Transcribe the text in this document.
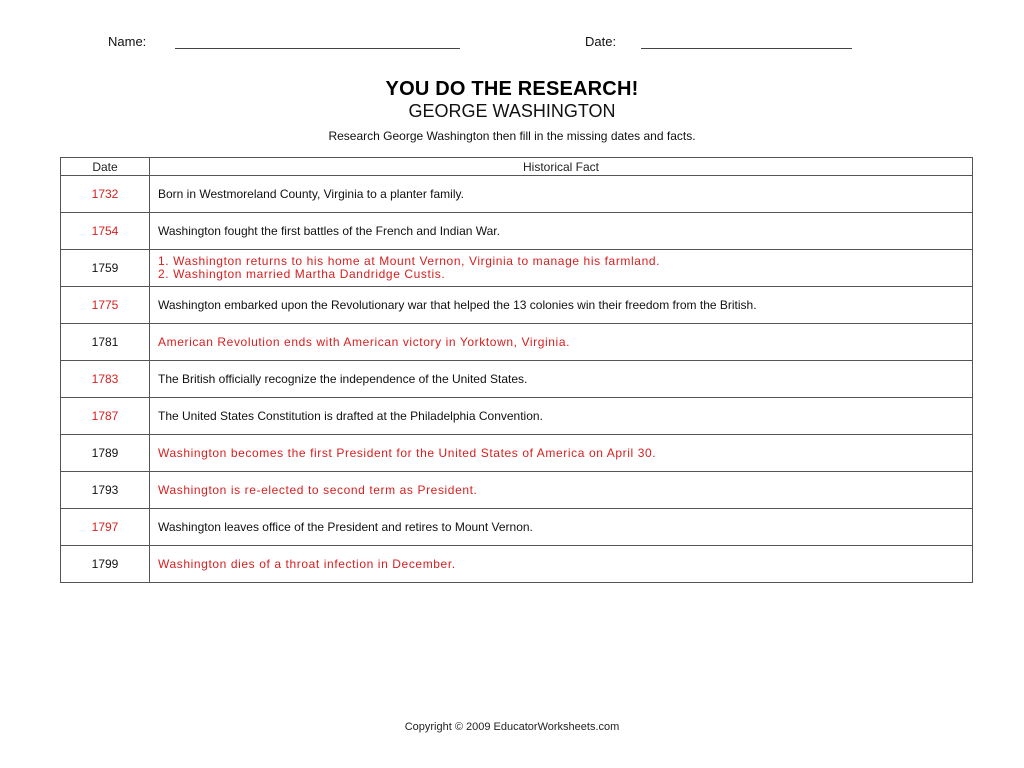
Name:	Date:
YOU DO THE RESEARCH!
GEORGE WASHINGTON
Research George Washington then fill in the missing dates and facts.
Date	Historical Fact
1732	Born in Westmoreland County, Virginia to a planter family.
1754	Washington fought the first battles of the French and Indian War.
1759	1. Washington returns to his home at Mount Vernon, Virginia to manage his farmland.
2. Washington married Martha Dandridge Custis.

1775	Washington embarked upon the Revolutionary war that helped the 13 colonies win their freedom from the British.
1781	American Revolution ends with American victory in Yorktown, Virginia.
1783	The British officially recognize the independence of the United States.
1787	The United States Constitution is drafted at the Philadelphia Convention.
1789	Washington becomes the first President for the United States of America on April 30.
1793	Washington is re-elected to second term as President.
1797	Washington leaves office of the President and retires to Mount Vernon.
1799	Washington dies of a throat infection in December.
Copyright © 2009 EducatorWorksheets.com
